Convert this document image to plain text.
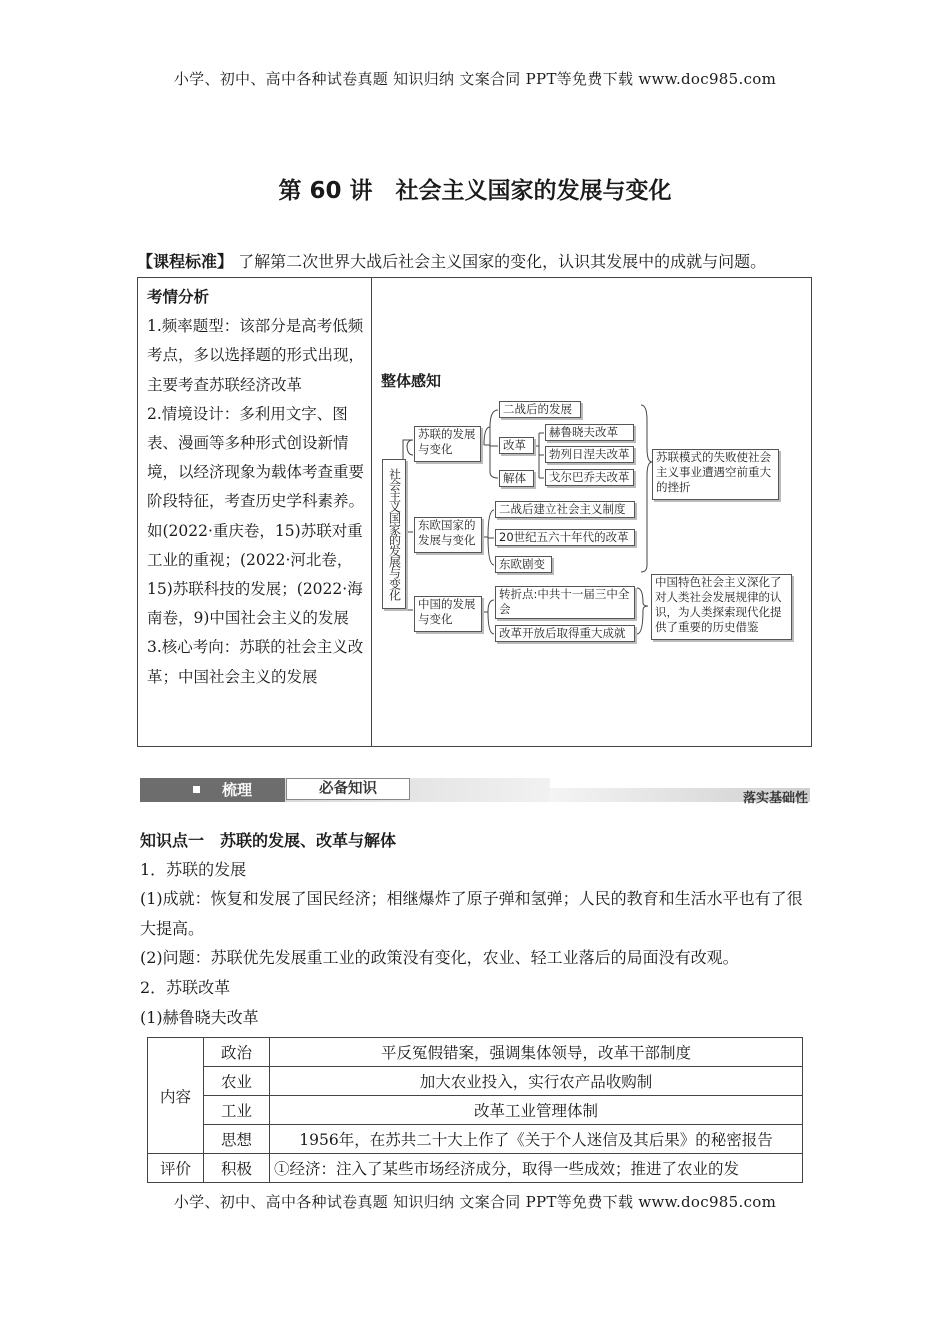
小学、初中、高中各种试卷真题 知识归纳 文案合同 PPT等免费下载 www.doc985.com
第 60 讲　社会主义国家的发展与变化
【课程标准】 了解第二次世界大战后社会主义国家的变化，认识其发展中的成就与问题。
考情分析
1.频率题型：该部分是高考低频考点，多以选择题的形式出现，主要考查苏联经济改革
2.情境设计：多利用文字、图表、漫画等多种形式创设新情境，以经济现象为载体考查重要阶段特征，考查历史学科素养。如(2022·重庆卷，15)苏联对重工业的重视；(2022·河北卷，15)苏联科技的发展；(2022·海南卷，9)中国社会主义的发展
3.核心考向：苏联的社会主义改革；中国社会主义的发展
整体感知
社会主义国家的发展与变化
苏联的发展与变化
东欧国家的发展与变化
中国的发展与变化
二战后的发展
改革
解体
赫鲁晓夫改革
勃列日涅夫改革
戈尔巴乔夫改革
二战后建立社会主义制度
20世纪五六十年代的改革
东欧剧变
转折点:中共十一届三中全会
改革开放后取得重大成就
苏联模式的失败使社会主义事业遭遇空前重大的挫折
中国特色社会主义深化了对人类社会发展规律的认识，为人类探索现代化提供了重要的历史借鉴
梳理	必备知识
落实基础性
知识点一　苏联的发展、改革与解体
1．苏联的发展
(1)成就：恢复和发展了国民经济；相继爆炸了原子弹和氢弹；人民的教育和生活水平也有了很大提高。
(2)问题：苏联优先发展重工业的政策没有变化，农业、轻工业落后的局面没有改观。
2．苏联改革
(1)赫鲁晓夫改革
内容	政治	平反冤假错案，强调集体领导，改革干部制度
	农业	加大农业投入，实行农产品收购制
	工业	改革工业管理体制
	思想	1956年，在苏共二十大上作了《关于个人迷信及其后果》的秘密报告
评价	积极	①经济：注入了某些市场经济成分，取得一些成效；推进了农业的发
小学、初中、高中各种试卷真题 知识归纳 文案合同 PPT等免费下载 www.doc985.com
